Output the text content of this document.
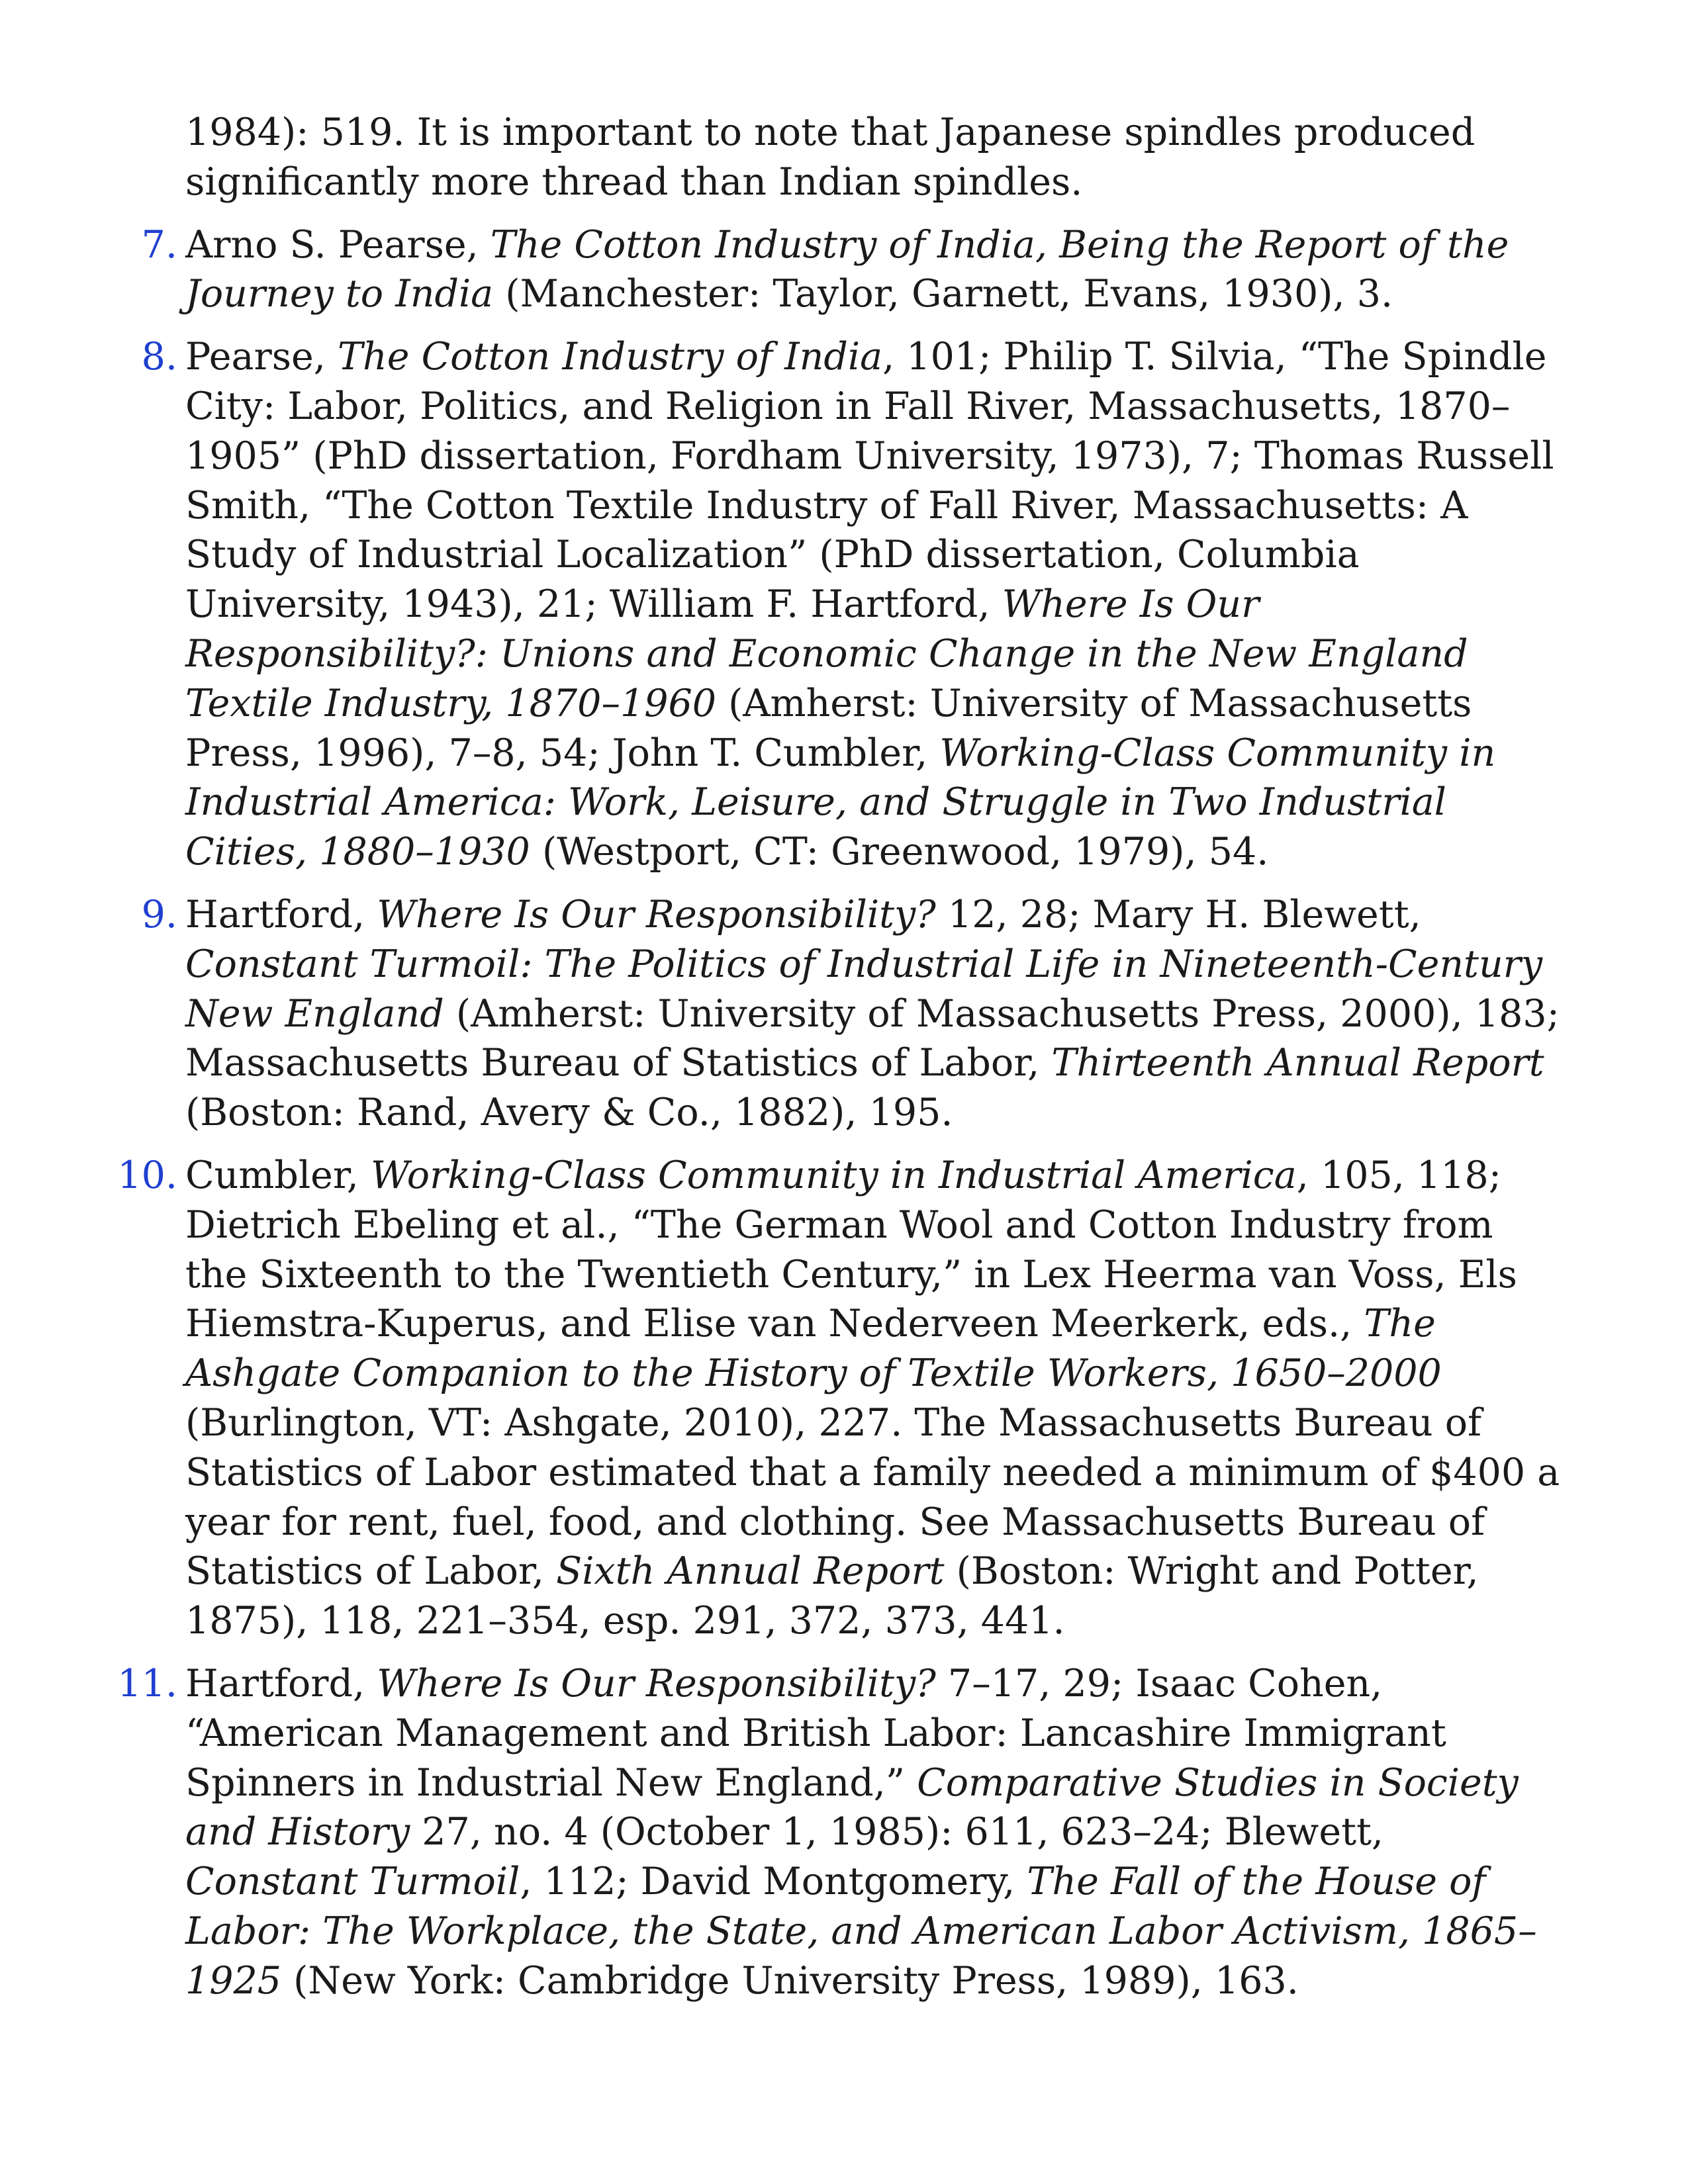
1984): 519. It is important to note that Japanese spindles produced significantly more thread than Indian spindles.
7. Arno S. Pearse, The Cotton Industry of India, Being the Report of the Journey to India (Manchester: Taylor, Garnett, Evans, 1930), 3.
8. Pearse, The Cotton Industry of India, 101; Philip T. Silvia, “The Spindle City: Labor, Politics, and Religion in Fall River, Massachusetts, 1870–1905” (PhD dissertation, Fordham University, 1973), 7; Thomas Russell Smith, “The Cotton Textile Industry of Fall River, Massachusetts: A Study of Industrial Localization” (PhD dissertation, Columbia University, 1943), 21; William F. Hartford, Where Is Our Responsibility?: Unions and Economic Change in the New England Textile Industry, 1870–1960 (Amherst: University of Massachusetts Press, 1996), 7–8, 54; John T. Cumbler, Working-Class Community in Industrial America: Work, Leisure, and Struggle in Two Industrial Cities, 1880–1930 (Westport, CT: Greenwood, 1979), 54.
9. Hartford, Where Is Our Responsibility? 12, 28; Mary H. Blewett, Constant Turmoil: The Politics of Industrial Life in Nineteenth-Century New England (Amherst: University of Massachusetts Press, 2000), 183; Massachusetts Bureau of Statistics of Labor, Thirteenth Annual Report (Boston: Rand, Avery & Co., 1882), 195.
10. Cumbler, Working-Class Community in Industrial America, 105, 118; Dietrich Ebeling et al., “The German Wool and Cotton Industry from the Sixteenth to the Twentieth Century,” in Lex Heerma van Voss, Els Hiemstra-Kuperus, and Elise van Nederveen Meerkerk, eds., The Ashgate Companion to the History of Textile Workers, 1650–2000 (Burlington, VT: Ashgate, 2010), 227. The Massachusetts Bureau of Statistics of Labor estimated that a family needed a minimum of $400 a year for rent, fuel, food, and clothing. See Massachusetts Bureau of Statistics of Labor, Sixth Annual Report (Boston: Wright and Potter, 1875), 118, 221–354, esp. 291, 372, 373, 441.
11. Hartford, Where Is Our Responsibility? 7–17, 29; Isaac Cohen, “American Management and British Labor: Lancashire Immigrant Spinners in Industrial New England,” Comparative Studies in Society and History 27, no. 4 (October 1, 1985): 611, 623–24; Blewett, Constant Turmoil, 112; David Montgomery, The Fall of the House of Labor: The Workplace, the State, and American Labor Activism, 1865–1925 (New York: Cambridge University Press, 1989), 163.
